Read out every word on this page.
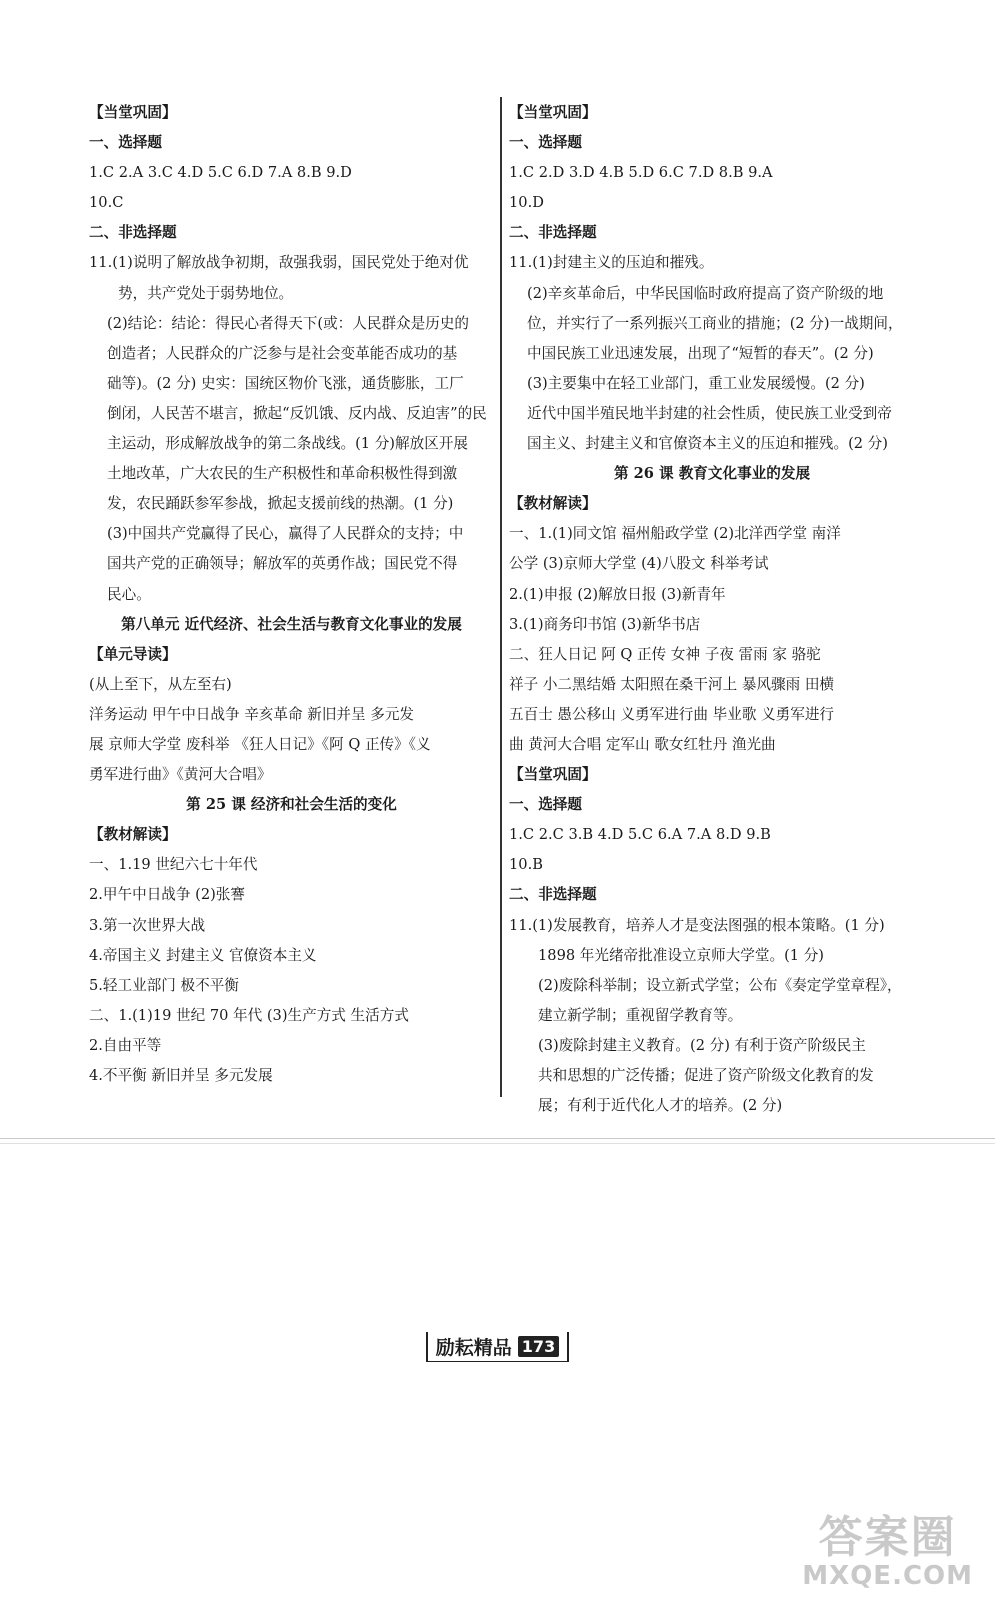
【当堂巩固】
一、选择题
1.C 2.A 3.C 4.D 5.C 6.D 7.A 8.B 9.D
10.C
二、非选择题
11.(1)说明了解放战争初期，敌强我弱，国民党处于绝对优
势，共产党处于弱势地位。
(2)结论：结论：得民心者得天下(或：人民群众是历史的
创造者；人民群众的广泛参与是社会变革能否成功的基
础等)。(2 分) 史实：国统区物价飞涨，通货膨胀，工厂
倒闭，人民苦不堪言，掀起“反饥饿、反内战、反迫害”的民
主运动，形成解放战争的第二条战线。(1 分)解放区开展
土地改革，广大农民的生产积极性和革命积极性得到激
发，农民踊跃参军参战，掀起支援前线的热潮。(1 分)
(3)中国共产党赢得了民心，赢得了人民群众的支持；中
国共产党的正确领导；解放军的英勇作战；国民党不得
民心。
第八单元 近代经济、社会生活与教育文化事业的发展
【单元导读】
(从上至下，从左至右)
洋务运动 甲午中日战争 辛亥革命 新旧并呈 多元发
展 京师大学堂 废科举 《狂人日记》《阿 Q 正传》《义
勇军进行曲》《黄河大合唱》
第 25 课 经济和社会生活的变化
【教材解读】
一、1.19 世纪六七十年代
2.甲午中日战争 (2)张謇
3.第一次世界大战
4.帝国主义 封建主义 官僚资本主义
5.轻工业部门 极不平衡
二、1.(1)19 世纪 70 年代 (3)生产方式 生活方式
2.自由平等
4.不平衡 新旧并呈 多元发展
【当堂巩固】
一、选择题
1.C 2.D 3.D 4.B 5.D 6.C 7.D 8.B 9.A
10.D
二、非选择题
11.(1)封建主义的压迫和摧残。
(2)辛亥革命后，中华民国临时政府提高了资产阶级的地
位，并实行了一系列振兴工商业的措施；(2 分)一战期间，
中国民族工业迅速发展，出现了“短暂的春天”。(2 分)
(3)主要集中在轻工业部门，重工业发展缓慢。(2 分)
近代中国半殖民地半封建的社会性质，使民族工业受到帝
国主义、封建主义和官僚资本主义的压迫和摧残。(2 分)
第 26 课 教育文化事业的发展
【教材解读】
一、1.(1)同文馆 福州船政学堂 (2)北洋西学堂 南洋
公学 (3)京师大学堂 (4)八股文 科举考试
2.(1)申报 (2)解放日报 (3)新青年
3.(1)商务印书馆 (3)新华书店
二、狂人日记 阿 Q 正传 女神 子夜 雷雨 家 骆驼
祥子 小二黑结婚 太阳照在桑干河上 暴风骤雨 田横
五百士 愚公移山 义勇军进行曲 毕业歌 义勇军进行
曲 黄河大合唱 定军山 歌女红牡丹 渔光曲
【当堂巩固】
一、选择题
1.C 2.C 3.B 4.D 5.C 6.A 7.A 8.D 9.B
10.B
二、非选择题
11.(1)发展教育，培养人才是变法图强的根本策略。(1 分)
1898 年光绪帝批准设立京师大学堂。(1 分)
(2)废除科举制；设立新式学堂；公布《奏定学堂章程》，
建立新学制；重视留学教育等。
(3)废除封建主义教育。(2 分) 有利于资产阶级民主
共和思想的广泛传播；促进了资产阶级文化教育的发
展；有利于近代化人才的培养。(2 分)
励耘精品 173
答案圈
MXQE.COM
